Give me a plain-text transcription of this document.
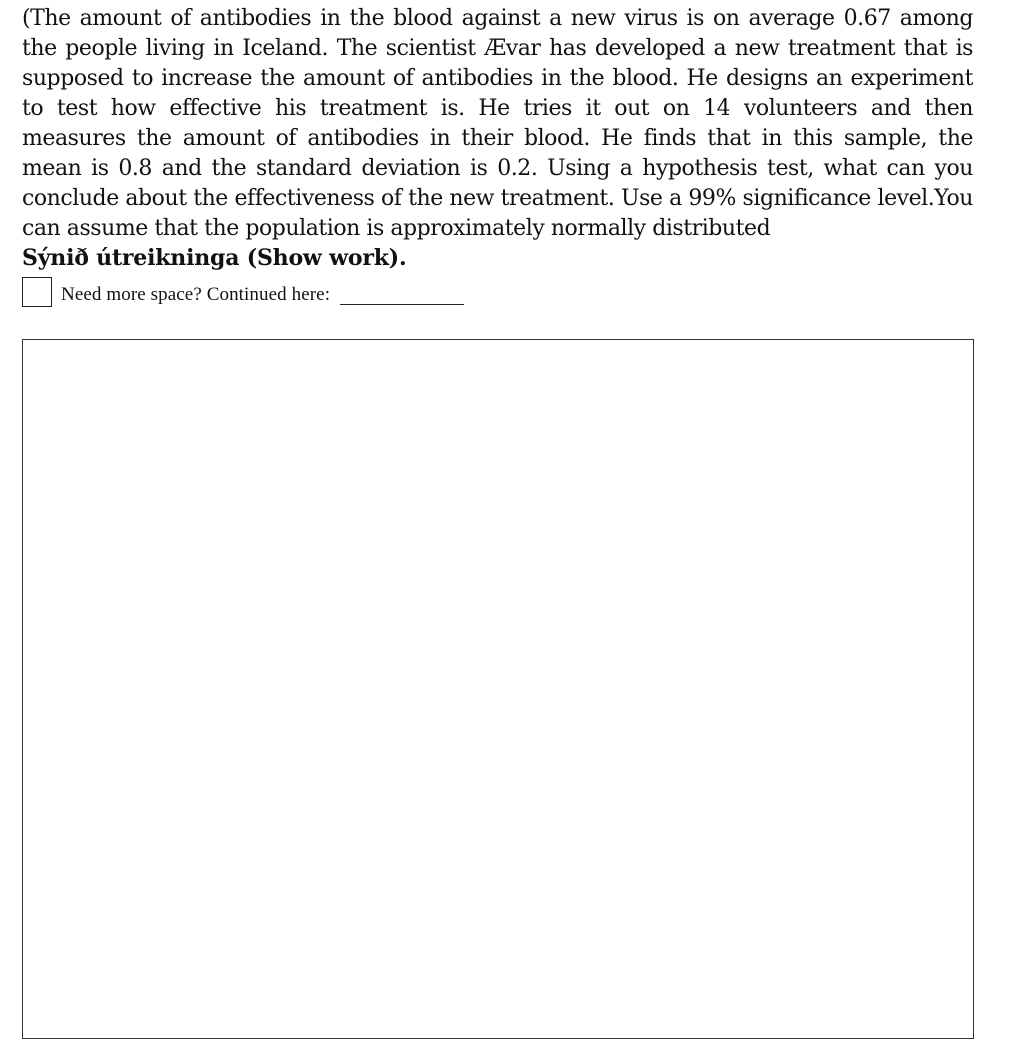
(The amount of antibodies in the blood against a new virus is on average 0.67 among the people living in Iceland. The scientist Ævar has developed a new treatment that is supposed to increase the amount of antibodies in the blood. He designs an experiment to test how effective his treatment is. He tries it out on 14 volunteers and then measures the amount of antibodies in their blood. He finds that in this sample, the mean is 0.8 and the standard deviation is 0.2. Using a hypothesis test, what can you conclude about the effectiveness of the new treatment. Use a 99% significance level.You can assume that the population is approximately normally distributed

Sýnið útreikninga (Show work).

Need more space? Continued here:
